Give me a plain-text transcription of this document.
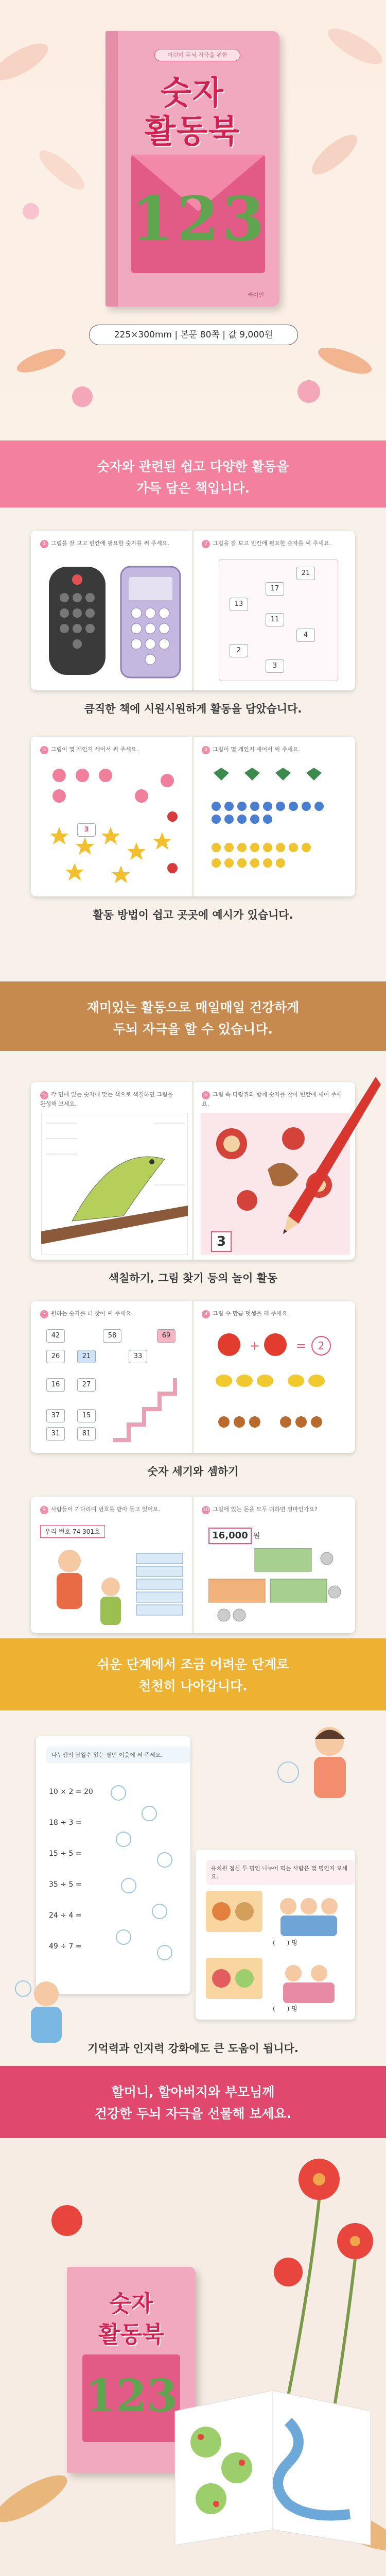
어린이 두뇌 자극을 위한
숫자
활동북
123
싸이언
225×300mm | 본문 80쪽 | 값 9,000원
숫자와 관련된 쉽고 다양한 활동을
가득 담은 책입니다.
1 그림을 잘 보고 빈칸에 필요한 숫자를 써 주세요.	2 그림을 잘 보고 빈칸에 필요한 숫자를 써 주세요.
21
17
13
11
4
2
3
큼직한 책에 시원시원하게 활동을 담았습니다.
3 그림이 몇 개인지 세어서 써 주세요.
3
4 그림이 몇 개인지 세어서 써 주세요.
활동 방법이 쉽고 곳곳에 예시가 있습니다.
재미있는 활동으로 매일매일 건강하게
두뇌 자극을 할 수 있습니다.
5 각 면에 있는 숫자에 맞는 색으로 색칠하면 그림을 완성해 보세요.
6 그림 속 다람쥐와 함께 숫자를 찾아 빈칸에 세어 주세요.
3
색칠하기, 그림 찾기 등의 놀이 활동
7 원하는 숫자를 더 찾아 써 주세요.
42	58	69
26	21	33
16	27
37	15
31	81
8 그림 수 만큼 덧셈을 해 주세요.
+	=	2
숫자 세기와 셈하기
9 사람들이 기다리며 번호를 받아 들고 있어요.
우리 번호 74 301호
10 그림에 있는 돈을 모두 더하면 얼마인가요?
16,000 원
쉬운 단계에서 조금 어려운 단계로
천천히 나아갑니다.
나누셈의 답일수 있는 쌍인 이웃에 써 주세요.
10 × 2 = 20
18 ÷ 3 =
15 ÷ 5 =
35 ÷ 5 =
24 ÷ 4 =
49 ÷ 7 =
유치원 점심 투 명인 나누어 먹는 사람은 몇 명인지 보세요.
(      ) 명
(      ) 명
기억력과 인지력 강화에도 큰 도움이 됩니다.
할머니, 할아버지와 부모님께
건강한 두뇌 자극을 선물해 보세요.
숫자
활동북
123
